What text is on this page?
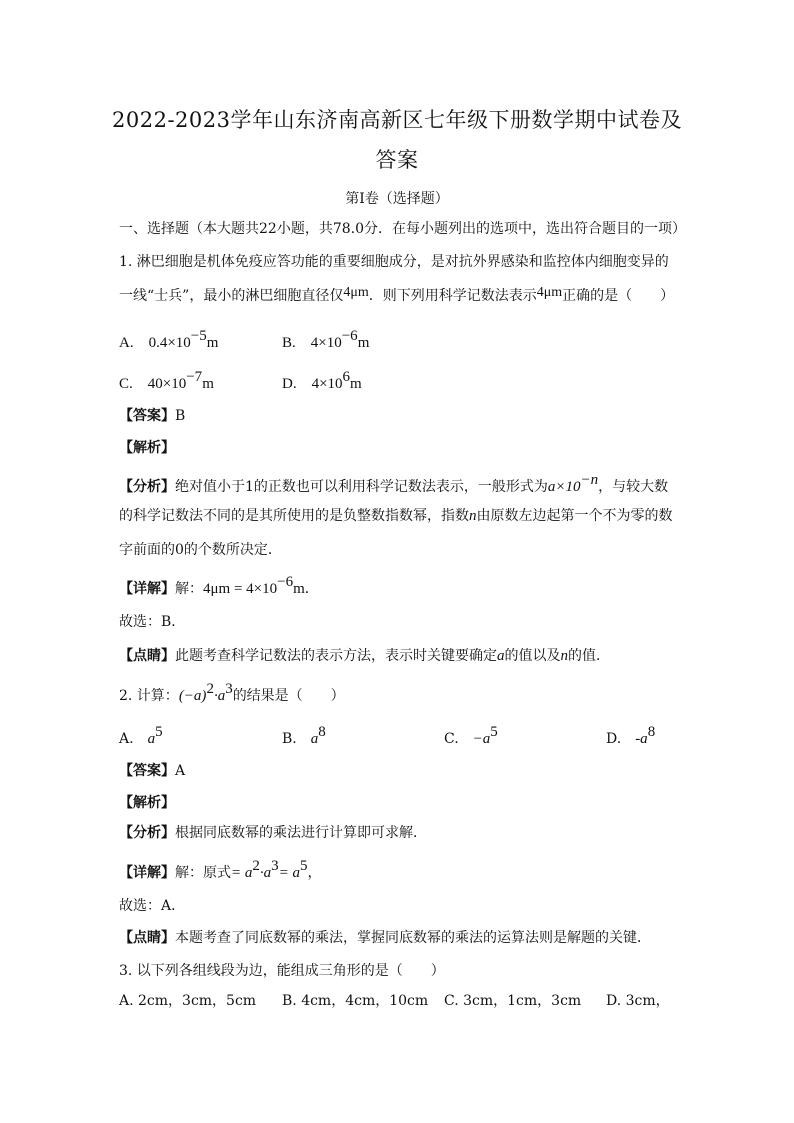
2022-2023学年山东济南高新区七年级下册数学期中试卷及
答案
第I卷（选择题）
一、选择题（本大题共22小题，共78.0分．在每小题列出的选项中，选出符合题目的一项）
1. 淋巴细胞是机体免疫应答功能的重要细胞成分，是对抗外界感染和监控体内细胞变异的
一线“士兵”，最小的淋巴细胞直径仅4μm．则下列用科学记数法表示4μm正确的是（　　）
A.　$0.4\times 10^{-5}m$	B.　$4\times 10^{-6}m$
C.　$40\times 10^{-7}m$	D.　$4\times 10^6m$
【答案】B
【解析】
【分析】绝对值小于1的正数也可以利用科学记数法表示，一般形式为$a\times 10^{-n}$，与较大数
的科学记数法不同的是其所使用的是负整数指数幂，指数n由原数左边起第一个不为零的数
字前面的0的个数所决定．
【详解】解：$4\mu m = 4\times 10^{-6}m$．
故选：B．
【点睛】此题考查科学记数法的表示方法，表示时关键要确定a的值以及n的值．
2. 计算：$(-a)^2\cdot a^3$的结果是（　　）
A.　$a^5$	B.　$a^8$	C.　$-a^5$	D.　$-a^8$
【答案】A
【解析】
【分析】根据同底数幂的乘法进行计算即可求解．
【详解】解：原式= $a^2\cdot a^3= a^5$，
故选：A．
【点睛】本题考查了同底数幂的乘法，掌握同底数幂的乘法的运算法则是解题的关键．
3. 以下列各组线段为边，能组成三角形的是（　　）
A. 2cm，3cm，5cm B. 4cm，4cm，10cm C. 3cm，1cm，3cm D. 3cm，
